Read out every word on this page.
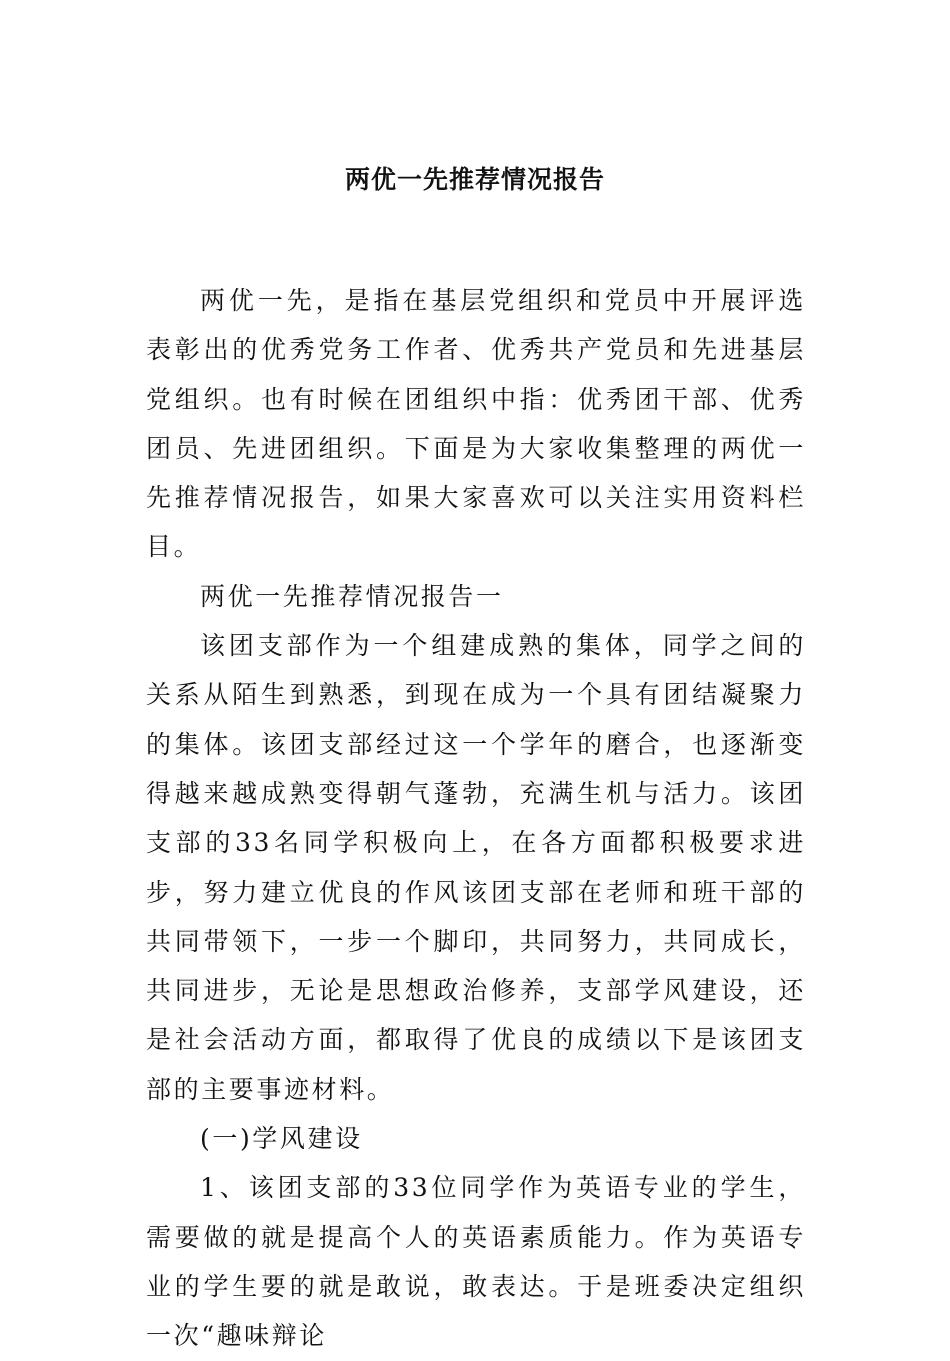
两优一先推荐情况报告

两优一先，是指在基层党组织和党员中开展评选表彰出的优秀党务工作者、优秀共产党员和先进基层党组织。也有时候在团组织中指：优秀团干部、优秀团员、先进团组织。下面是为大家收集整理的两优一先推荐情况报告，如果大家喜欢可以关注实用资料栏目。

两优一先推荐情况报告一

该团支部作为一个组建成熟的集体，同学之间的关系从陌生到熟悉，到现在成为一个具有团结凝聚力的集体。该团支部经过这一个学年的磨合，也逐渐变得越来越成熟变得朝气蓬勃，充满生机与活力。该团支部的33名同学积极向上，在各方面都积极要求进步，努力建立优良的作风该团支部在老师和班干部的共同带领下，一步一个脚印，共同努力，共同成长，共同进步，无论是思想政治修养，支部学风建设，还是社会活动方面，都取得了优良的成绩以下是该团支部的主要事迹材料。

(一)学风建设

1、该团支部的33位同学作为英语专业的学生，需要做的就是提高个人的英语素质能力。作为英语专业的学生要的就是敢说，敢表达。于是班委决定组织一次“趣味辩论
